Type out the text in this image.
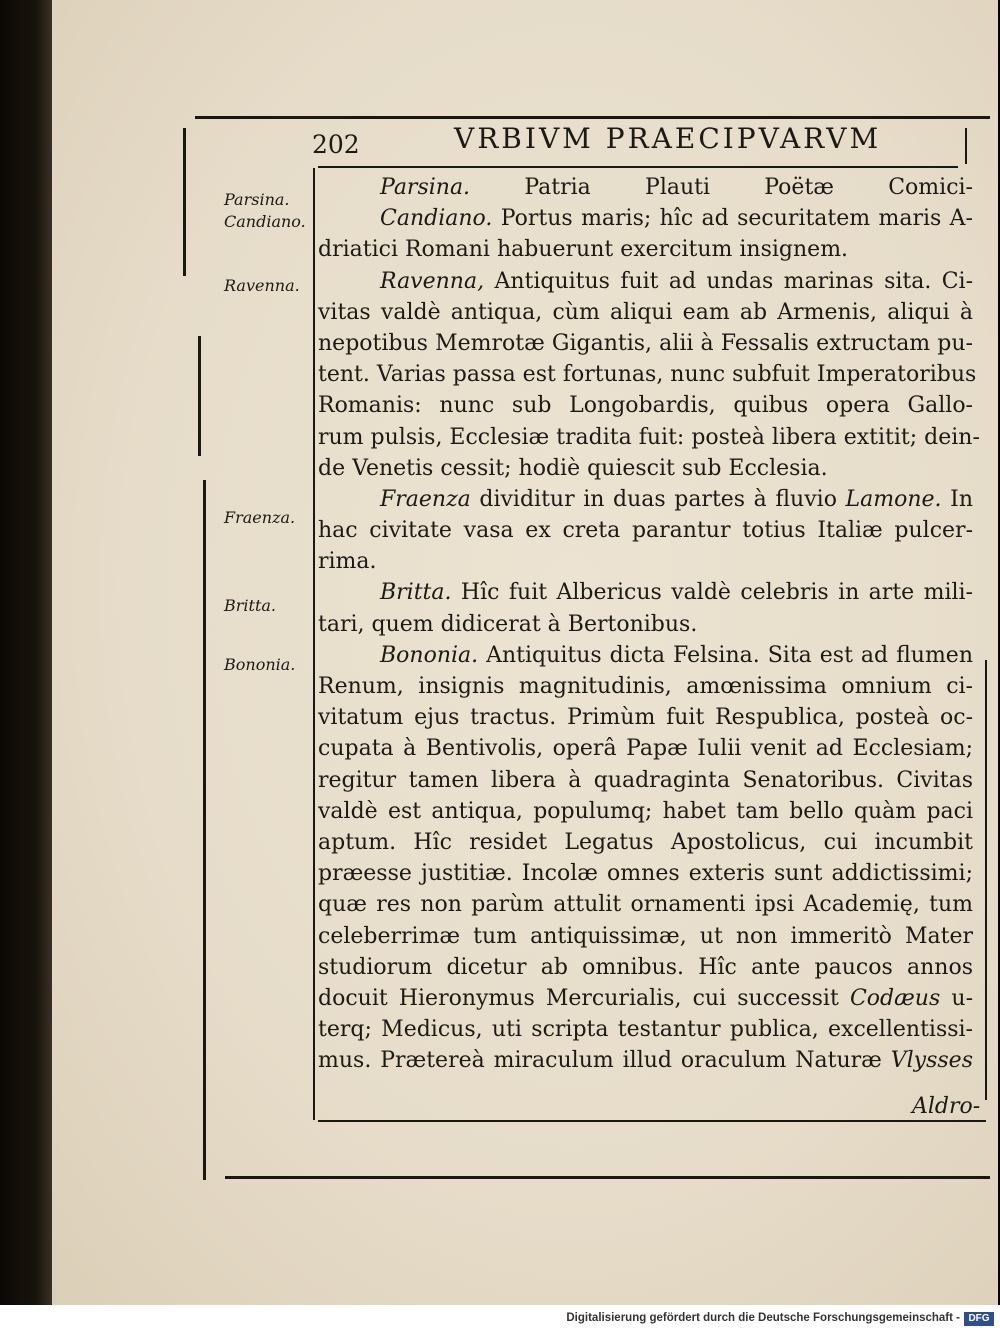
202	VRBIVM PRAECIPVARVM
Parsina.
Candiano.
Ravenna.
Fraenza.
Britta.
Bononia.
Parsina. Patria Plauti Poëtæ Comici-
Candiano. Portus maris; hîc ad securitatem maris A-
driatici Romani habuerunt exercitum insignem.
Ravenna, Antiquitus fuit ad undas marinas sita. Ci-
vitas valdè antiqua, cùm aliqui eam ab Armenis, aliqui à
nepotibus Memrotæ Gigantis, alii à Fessalis extructam pu-
tent. Varias passa est fortunas, nunc subfuit Imperatoribus
Romanis: nunc sub Longobardis, quibus opera Gallo-
rum pulsis, Ecclesiæ tradita fuit: posteà libera extitit; dein-
de Venetis cessit; hodiè quiescit sub Ecclesia.
Fraenza dividitur in duas partes à fluvio Lamone. In
hac civitate vasa ex creta parantur totius Italiæ pulcer-
rima.
Britta. Hîc fuit Albericus valdè celebris in arte mili-
tari, quem didicerat à Bertonibus.
Bononia. Antiquitus dicta Felsina. Sita est ad flumen
Renum, insignis magnitudinis, amœnissima omnium ci-
vitatum ejus tractus. Primùm fuit Respublica, posteà oc-
cupata à Bentivolis, operâ Papæ Iulii venit ad Ecclesiam;
regitur tamen libera à quadraginta Senatoribus. Civitas
valdè est antiqua, populumq; habet tam bello quàm paci
aptum. Hîc residet Legatus Apostolicus, cui incumbit
præesse justitiæ. Incolæ omnes exteris sunt addictissimi;
quæ res non parùm attulit ornamenti ipsi Academię, tum
celeberrimæ tum antiquissimæ, ut non immeritò Mater
studiorum dicetur ab omnibus. Hîc ante paucos annos
docuit Hieronymus Mercurialis, cui successit Codæus u-
terq; Medicus, uti scripta testantur publica, excellentissi-
mus. Prætereà miraculum illud oraculum Naturæ Vlysses
Aldro-
Digitalisierung gefördert durch die Deutsche Forschungsgemeinschaft - DFG
